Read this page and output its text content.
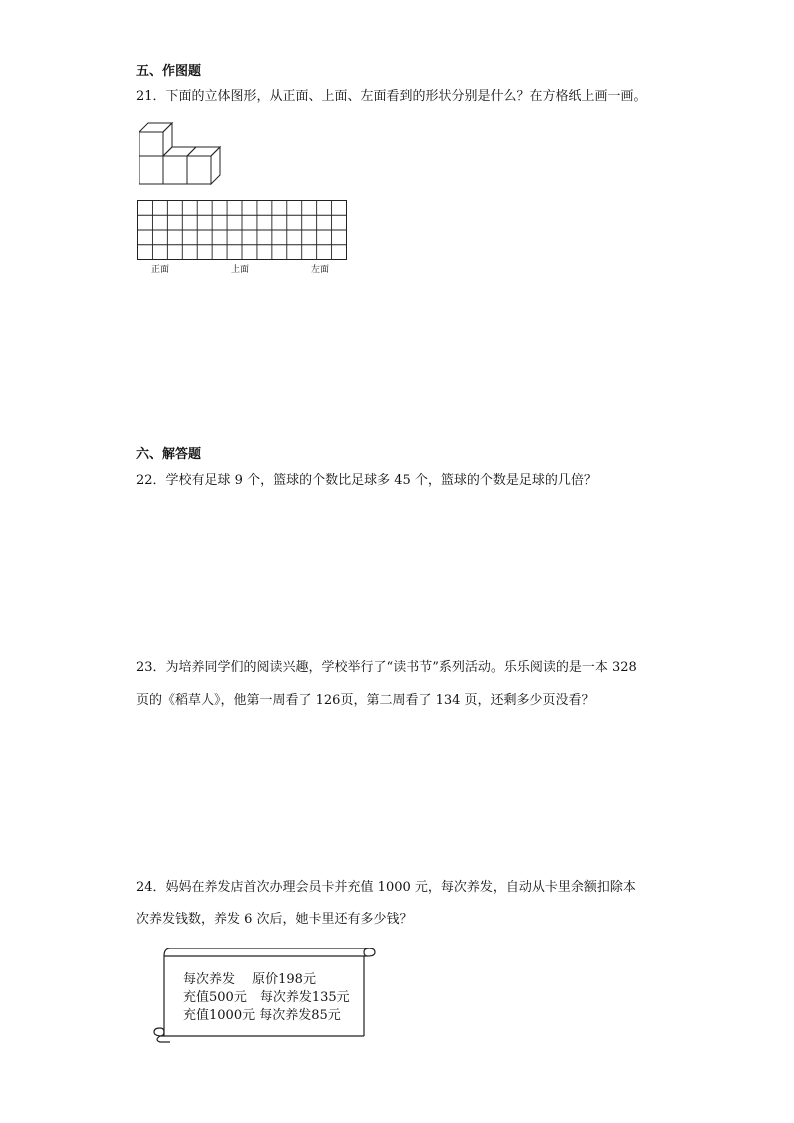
五、作图题
21．下面的立体图形，从正面、上面、左面看到的形状分别是什么？在方格纸上画一画。
正面	上面	左面
六、解答题
22．学校有足球 9 个，篮球的个数比足球多 45 个，篮球的个数是足球的几倍？
23．为培养同学们的阅读兴趣，学校举行了“读书节”系列活动。乐乐阅读的是一本 328
页的《稻草人》，他第一周看了 126页，第二周看了 134 页，还剩多少页没看？
24．妈妈在养发店首次办理会员卡并充值 1000 元，每次养发，自动从卡里余额扣除本
次养发钱数，养发 6 次后，她卡里还有多少钱？
每次养发　 原价198元
充值500元　每次养发135元
充值1000元 每次养发85元
